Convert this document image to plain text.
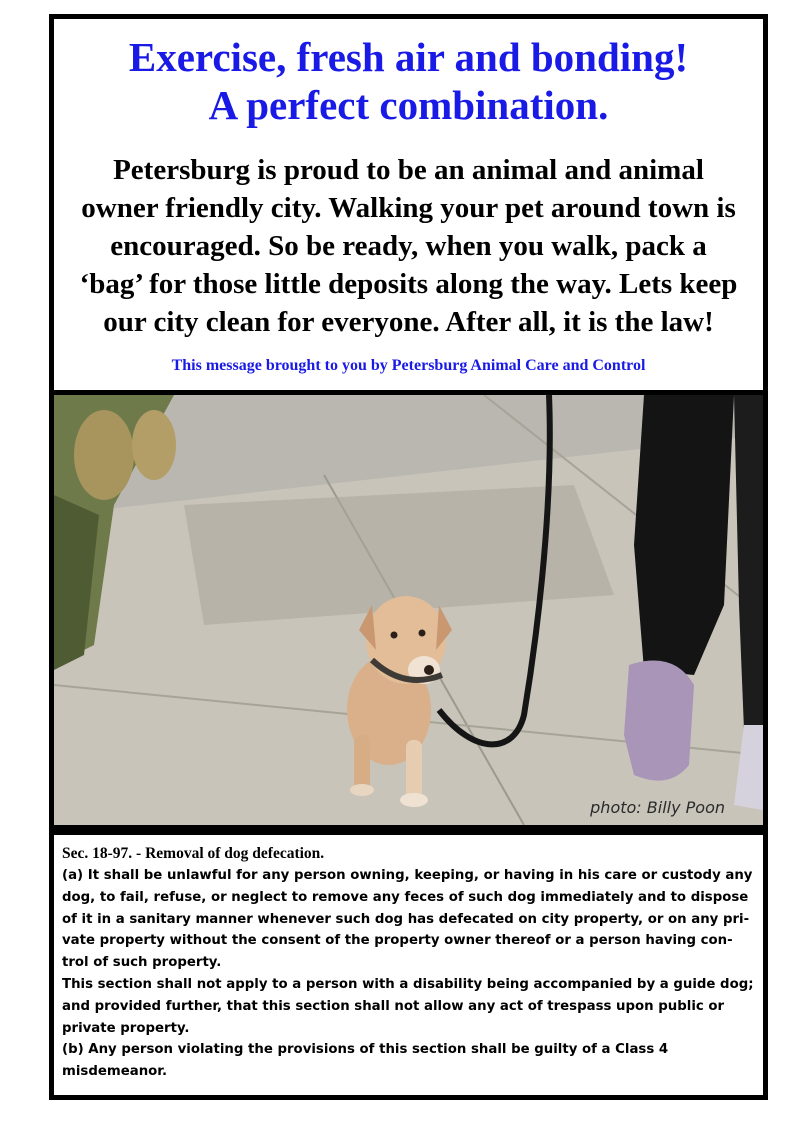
Exercise, fresh air and bonding!
A perfect combination.

Petersburg is proud to be an animal and animal
owner friendly city. Walking your pet around town is
encouraged. So be ready, when you walk, pack a
‘bag’ for those little deposits along the way. Lets keep
our city clean for everyone. After all, it is the law!

This message brought to you by Petersburg Animal Care and Control

photo: Billy Poon
Sec. 18-97. - Removal of dog defecation.
(a) It shall be unlawful for any person owning, keeping, or having in his care or custody any
dog, to fail, refuse, or neglect to remove any feces of such dog immediately and to dispose
of it in a sanitary manner whenever such dog has defecated on city property, or on any pri-
vate property without the consent of the property owner thereof or a person having con-
trol of such property.
This section shall not apply to a person with a disability being accompanied by a guide dog;
and provided further, that this section shall not allow any act of trespass upon public or
private property.
(b) Any person violating the provisions of this section shall be guilty of a Class 4
misdemeanor.
